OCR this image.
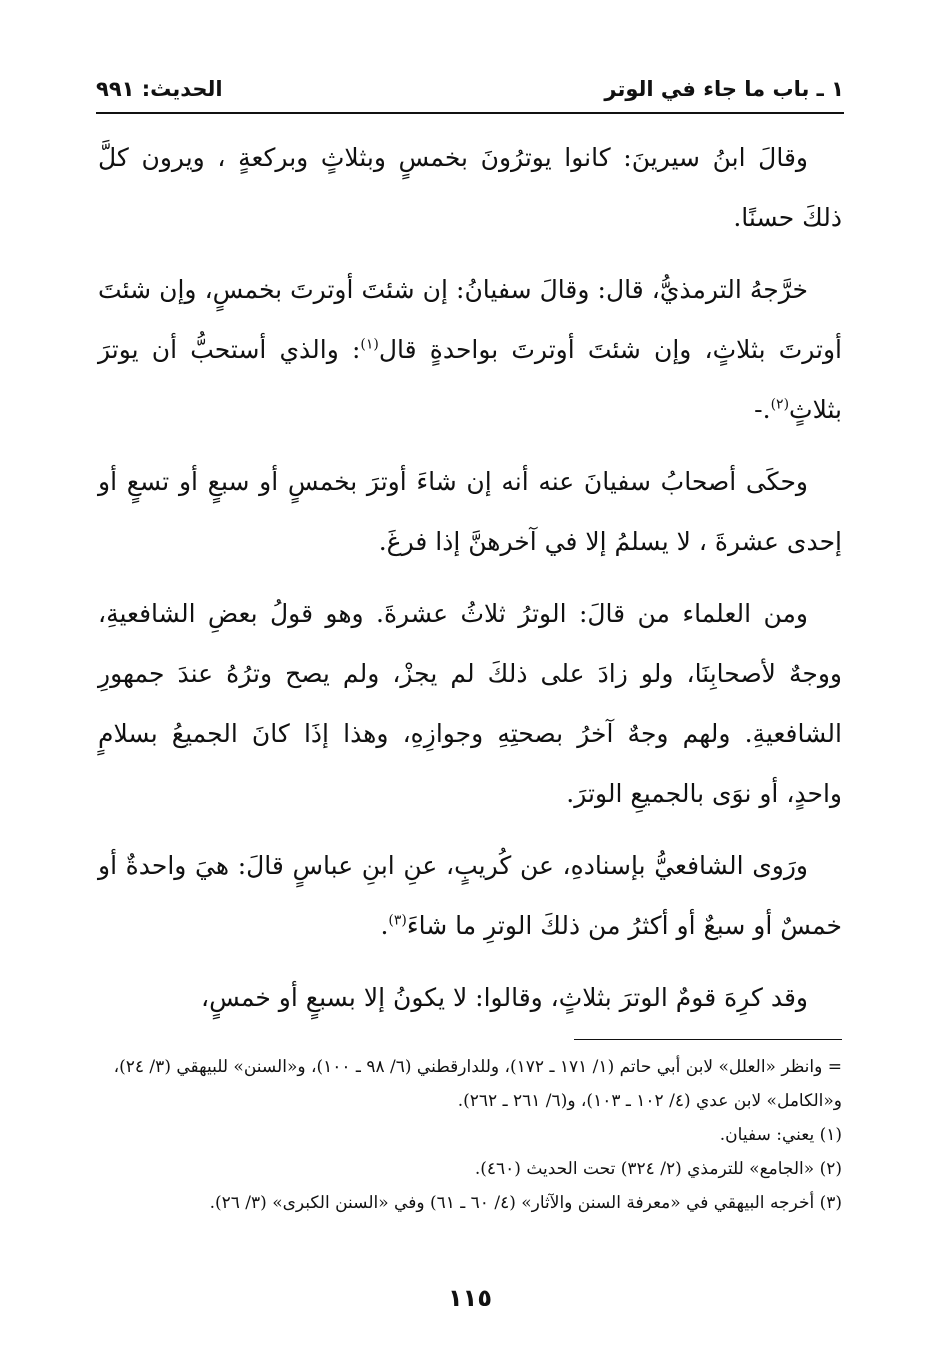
١ ـ باب ما جاء في الوتر
الحديث: ٩٩١

وقالَ ابنُ سيرينَ: كانوا يوترُونَ بخمسٍ وبثلاثٍ وبركعةٍ ، ويرون كلَّ ذلكَ حسنًا.

خرَّجهُ الترمذيُّ، قال: وقالَ سفيانُ: إن شئتَ أوترتَ بخمسٍ، وإن شئتَ أوترتَ بثلاثٍ، وإن شئتَ أوترتَ بواحدةٍ قال$^{(١)}$: والذي أستحبُّ أن يوترَ بثلاثٍ$^{(٢)}$.-

وحكَى أصحابُ سفيانَ عنه أنه إن شاءَ أوترَ بخمسٍ أو سبعٍ أو تسعٍ أو إحدى عشرةَ ، لا يسلمُ إلا في آخرهنَّ إذا فرغَ.

ومن العلماء من قالَ: الوترُ ثلاثُ عشرةَ. وهو قولُ بعضِ الشافعيةِ، ووجهٌ لأصحابِنَا، ولو زادَ على ذلكَ لم يجزْ، ولم يصح وترُهُ عندَ جمهورِ الشافعيةِ. ولهم وجهٌ آخرُ بصحتِهِ وجوازِهِ، وهذا إذَا كانَ الجميعُ بسلامٍ واحدٍ، أو نوَى بالجميعِ الوترَ.

ورَوى الشافعيُّ بإسنادهِ، عن كُريبٍ، عنِ ابنِ عباسٍ قالَ: هيَ واحدةٌ أو خمسٌ أو سبعٌ أو أكثرُ من ذلكَ الوترِ ما شاءَ$^{(٣)}$.

وقد كرِهَ قومٌ الوترَ بثلاثٍ، وقالوا: لا يكونُ إلا بسبعٍ أو خمسٍ،

= وانظر «العلل» لابن أبي حاتم (١/ ١٧١ ـ ١٧٢)، وللدارقطني (٦/ ٩٨ ـ ١٠٠)، و«السنن» للبيهقي (٣/ ٢٤)، و«الكامل» لابن عدي (٤/ ١٠٢ ـ ١٠٣)، و(٦/ ٢٦١ ـ ٢٦٢).

(١) يعني: سفيان.

(٢) «الجامع» للترمذي (٢/ ٣٢٤) تحت الحديث (٤٦٠).

(٣) أخرجه البيهقي في «معرفة السنن والآثار» (٤/ ٦٠ ـ ٦١) وفي «السنن الكبرى» (٣/ ٢٦).

١١٥
